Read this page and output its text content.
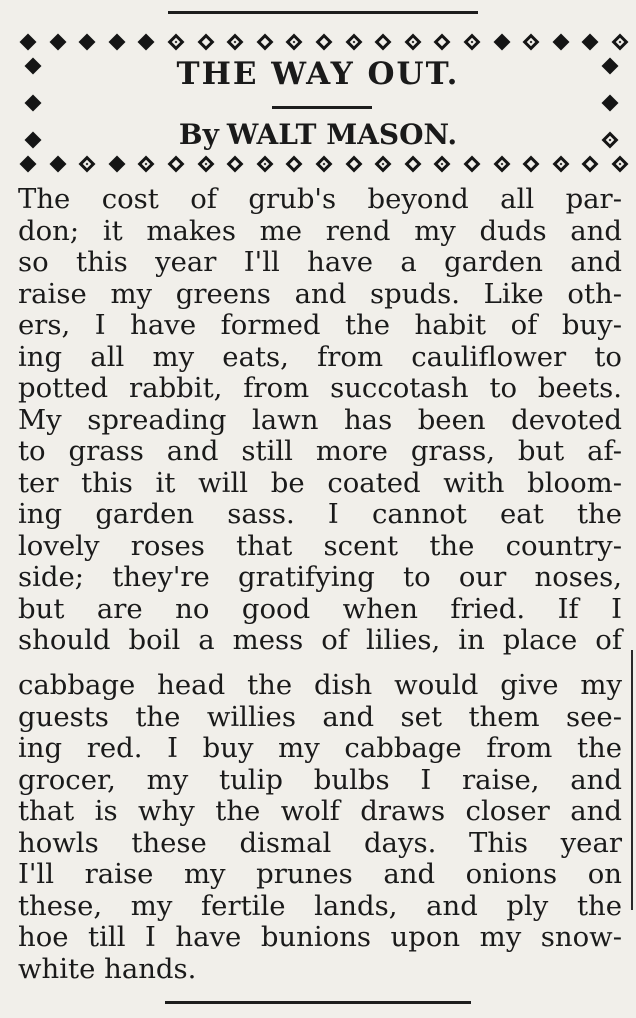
THE WAY OUT.
By WALT MASON.
The cost of grub's beyond all par-
don; it makes me rend my duds and
so this year I'll have a garden and
raise my greens and spuds. Like oth-
ers, I have formed the habit of buy-
ing all my eats, from cauliflower to
potted rabbit, from succotash to beets.
My spreading lawn has been devoted
to grass and still more grass, but af-
ter this it will be coated with bloom-
ing garden sass. I cannot eat the
lovely roses that scent the country-
side; they're gratifying to our noses,
but are no good when fried. If I
should boil a mess of lilies, in place of
cabbage head the dish would give my
guests the willies and set them see-
ing red. I buy my cabbage from the
grocer, my tulip bulbs I raise, and
that is why the wolf draws closer and
howls these dismal days. This year
I'll raise my prunes and onions on
these, my fertile lands, and ply the
hoe till I have bunions upon my snow-
white hands.
